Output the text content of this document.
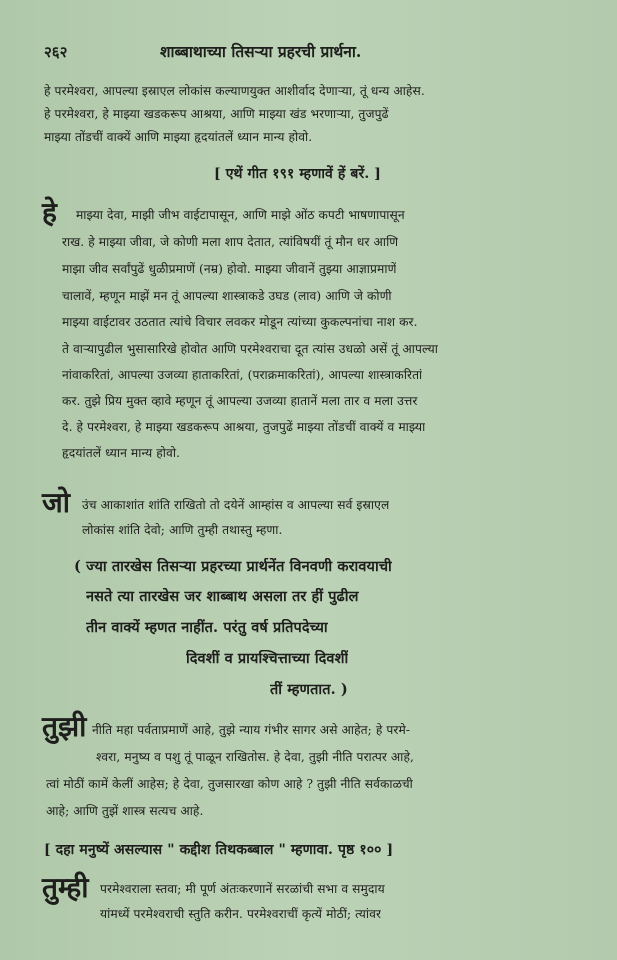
२६२	शाब्बाथाच्या तिसऱ्या प्रहरची प्रार्थना.
हे परमेश्वरा, आपल्या इस्राएल लोकांस कल्याणयुक्त आशीर्वाद देणाऱ्या, तूं धन्य आहेस.
हे परमेश्वरा, हे माझ्या खडकरूप आश्रया, आणि माझ्या खंड भरणाऱ्या, तुजपुढें
माझ्या तोंडचीं वाक्यें आणि माझ्या हृदयांतलें ध्यान मान्य होवो.
[ एथें गीत १९१ म्हणावें हें बरें. ]
हे माझ्या देवा, माझी जीभ वाईटापासून, आणि माझे ओंठ कपटी भाषणापासून
राख. हे माझ्या जीवा, जे कोणी मला शाप देतात, त्यांविषयीं तूं मौन धर आणि
माझा जीव सर्वांपुढें धुळीप्रमाणें (नम्र) होवो. माझ्या जीवानें तुझ्या आज्ञाप्रमाणें
चालावें, म्हणून माझें मन तूं आपल्या शास्त्राकडे उघड (लाव) आणि जे कोणी
माझ्या वाईटावर उठतात त्यांचे विचार लवकर मोडून त्यांच्या कुकल्पनांचा नाश कर.
ते वाऱ्यापुढील भुसासारिखे होवोत आणि परमेश्वराचा दूत त्यांस उधळो असें तूं आपल्या
नांवाकरितां, आपल्या उजव्या हाताकरितां, (पराक्रमाकरितां), आपल्या शास्त्राकरितां
कर. तुझे प्रिय मुक्त व्हावे म्हणून तूं आपल्या उजव्या हातानें मला तार व मला उत्तर
दे. हे परमेश्वरा, हे माझ्या खडकरूप आश्रया, तुजपुढें माझ्या तोंडचीं वाक्यें व माझ्या
हृदयांतलें ध्यान मान्य होवो.
जो उंच आकाशांत शांति राखितो तो दयेनें आम्हांस व आपल्या सर्व इस्राएल
लोकांस शांति देवो; आणि तुम्ही तथास्तु म्हणा.
( ज्या तारखेस तिसऱ्या प्रहरच्या प्रार्थनेंत विनवणी करावयाची
नसते त्या तारखेस जर शाब्बाथ असला तर हीं पुढील
तीन वाक्यें म्हणत नाहींत. परंतु वर्ष प्रतिपदेच्या
दिवशीं व प्रायश्चित्ताच्या दिवशीं
तीं म्हणतात. )
तुझी नीति महा पर्वताप्रमाणें आहे, तुझे न्याय गंभीर सागर असे आहेत; हे परमे-
श्वरा, मनुष्य व पशु तूं पाळून राखितोस. हे देवा, तुझी नीति परात्पर आहे,
त्वां मोठीं कामें केलीं आहेस; हे देवा, तुजसारखा कोण आहे ? तुझी नीति सर्वकाळची
आहे; आणि तुझें शास्त्र सत्यच आहे.
[ दहा मनुष्यें असल्यास " कद्दीश तिथकब्बाल " म्हणावा. पृष्ठ १०० ]
तुम्ही परमेश्वराला स्तवा; मी पूर्ण अंतःकरणानें सरळांची सभा व समुदाय
यांमध्यें परमेश्वराची स्तुति करीन. परमेश्वराचीं कृत्यें मोठीं; त्यांवर
